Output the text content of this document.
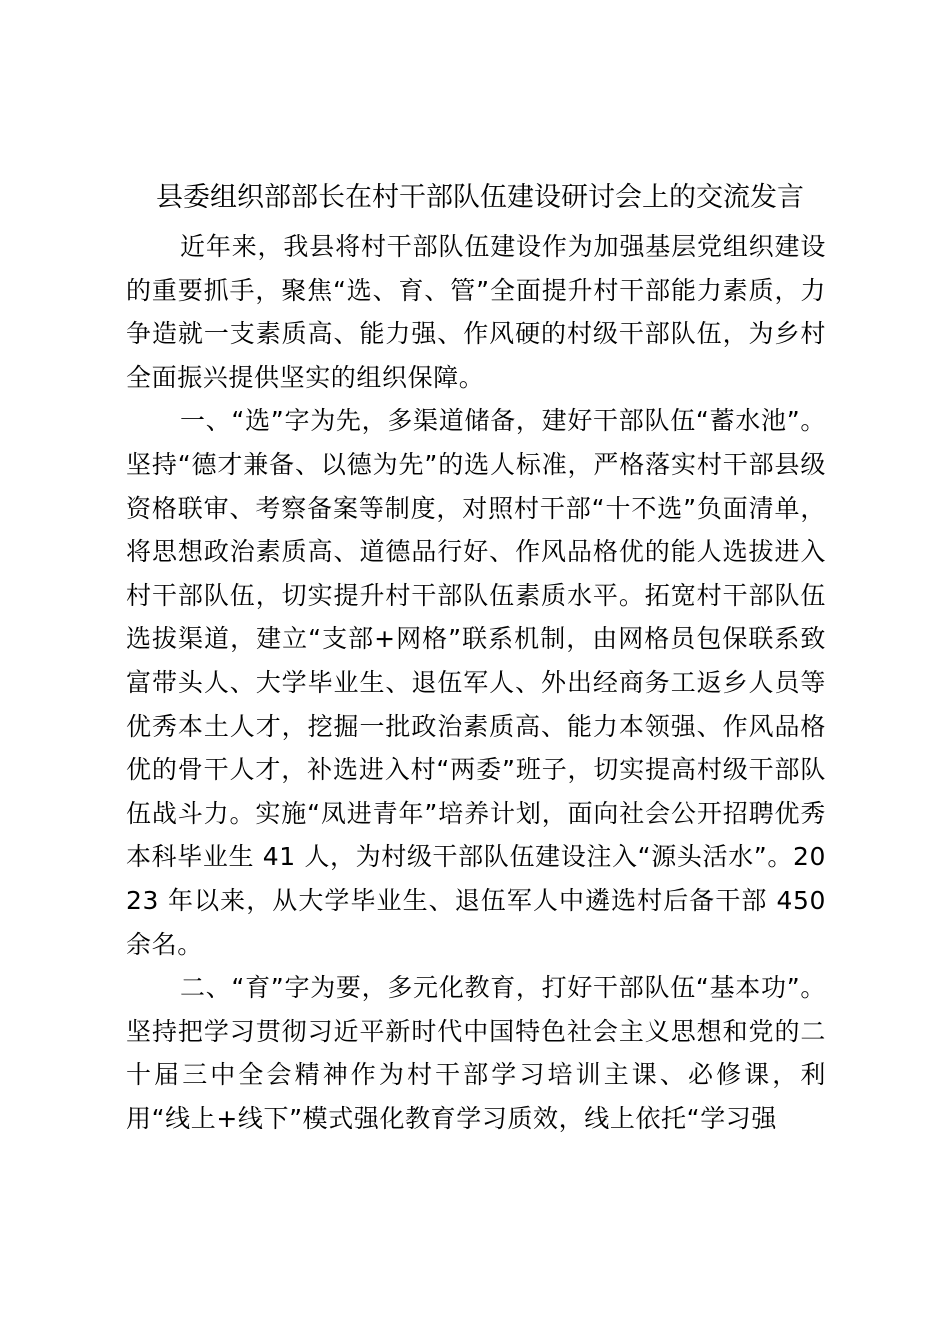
县委组织部部长在村干部队伍建设研讨会上的交流发言

近年来，我县将村干部队伍建设作为加强基层党组织建设的重要抓手，聚焦“选、育、管”全面提升村干部能力素质，力争造就一支素质高、能力强、作风硬的村级干部队伍，为乡村全面振兴提供坚实的组织保障。

一、“选”字为先，多渠道储备，建好干部队伍“蓄水池”。坚持“德才兼备、以德为先”的选人标准，严格落实村干部县级资格联审、考察备案等制度，对照村干部“十不选”负面清单，将思想政治素质高、道德品行好、作风品格优的能人选拔进入村干部队伍，切实提升村干部队伍素质水平。拓宽村干部队伍选拔渠道，建立“支部+网格”联系机制，由网格员包保联系致富带头人、大学毕业生、退伍军人、外出经商务工返乡人员等优秀本土人才，挖掘一批政治素质高、能力本领强、作风品格优的骨干人才，补选进入村“两委”班子，切实提高村级干部队伍战斗力。实施“凤进青年”培养计划，面向社会公开招聘优秀本科毕业生 41 人，为村级干部队伍建设注入“源头活水”。2023 年以来，从大学毕业生、退伍军人中遴选村后备干部 450 余名。

二、“育”字为要，多元化教育，打好干部队伍“基本功”。坚持把学习贯彻习近平新时代中国特色社会主义思想和党的二十届三中全会精神作为村干部学习培训主课、必修课，利用“线上+线下”模式强化教育学习质效，线上依托“学习强
